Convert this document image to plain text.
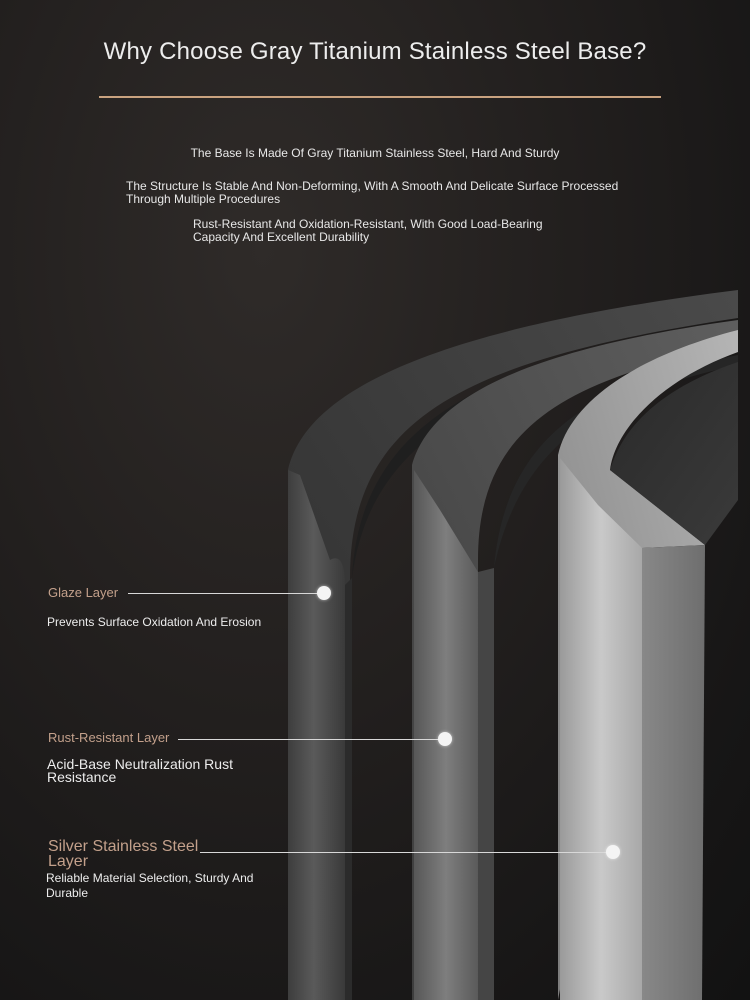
Why Choose Gray Titanium Stainless Steel Base?
The Base Is Made Of Gray Titanium Stainless Steel, Hard And Sturdy
The Structure Is Stable And Non-Deforming, With A Smooth And Delicate Surface Processed Through Multiple Procedures
Rust-Resistant And Oxidation-Resistant, With Good Load-Bearing Capacity And Excellent Durability
Glaze Layer
Prevents Surface Oxidation And Erosion
Rust-Resistant Layer
Acid-Base Neutralization Rust Resistance
Silver Stainless Steel Layer
Reliable Material Selection, Sturdy And Durable
